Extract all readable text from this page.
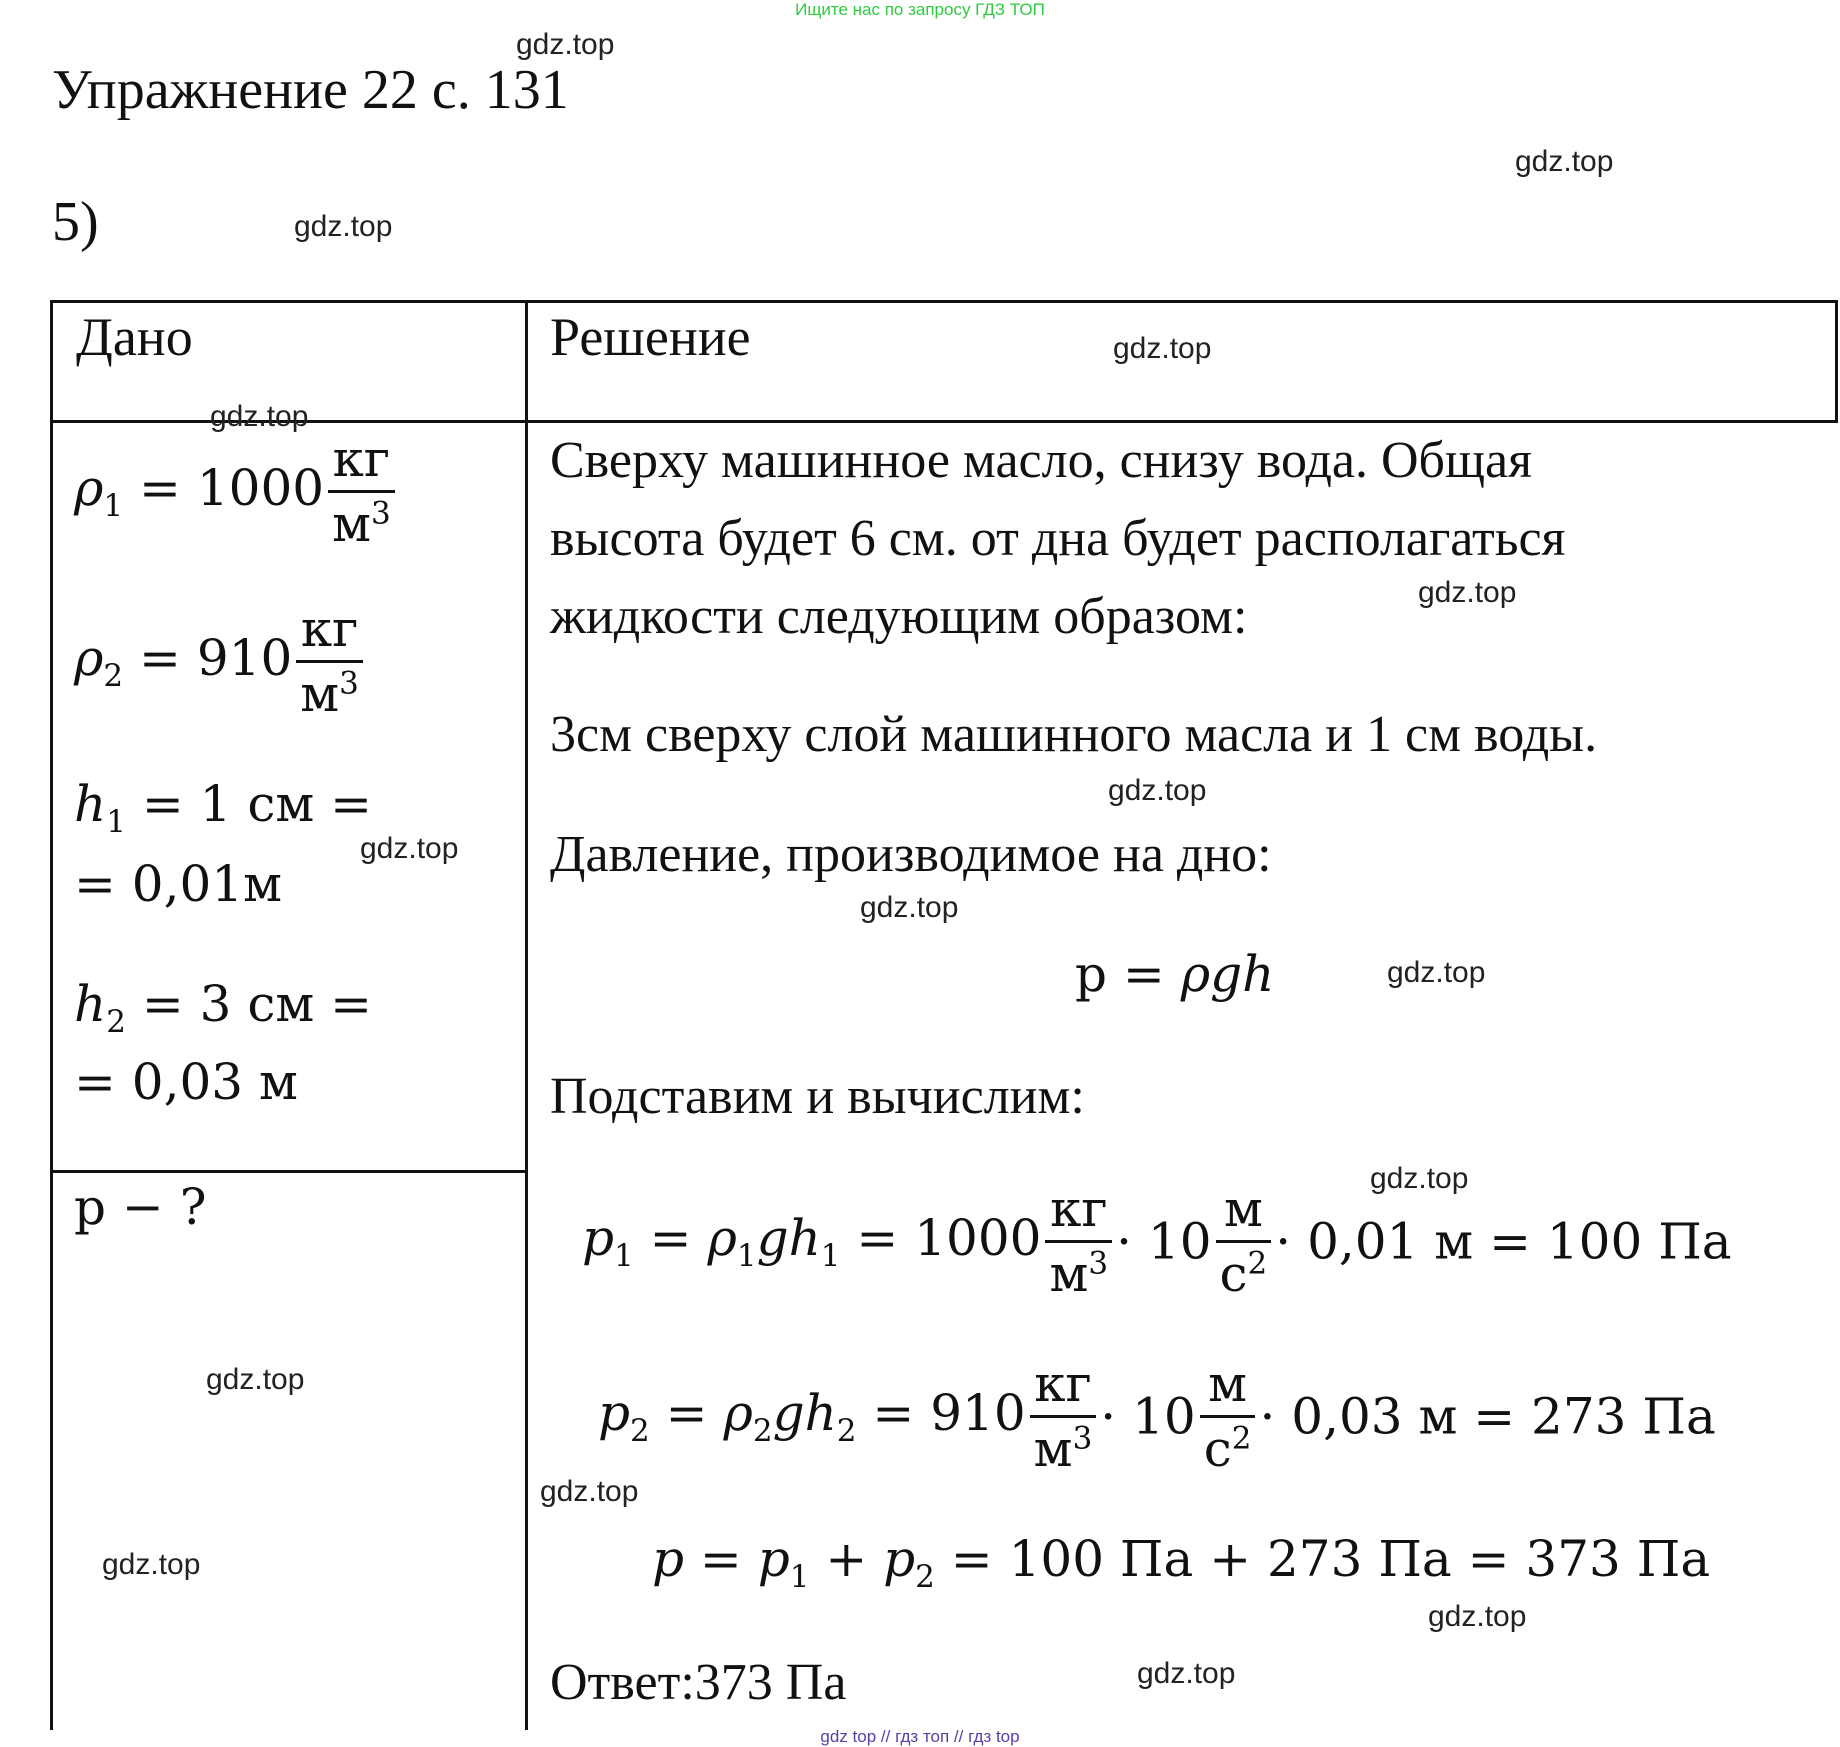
Ищите нас по запросу ГДЗ ТОП
Упражнение 22 с. 131
5)
Дано	Решение
$\rho_1 = 1000 \frac{кг}{м^3}$
$\rho_2 = 910 \frac{кг}{м^3}$
$h_1 = 1$ см =
= 0,01м
$h_2 = 3$ см =
= 0,03 м
p − ?
Сверху машинное масло, снизу вода. Общая
высота будет 6 см. от дна будет располагаться
жидкости следующим образом:
3см сверху слой машинного масла и 1 см воды.
Давление, производимое на дно:
p = ρgh
Подставим и вычислим:
$p_1 = \rho_1gh_1 = 1000 \frac{кг}{м^3} \cdot 10 \frac{м}{с^2} \cdot 0,01$ м = 100 Па
$p_2 = \rho_2gh_2 = 910 \frac{кг}{м^3} \cdot 10 \frac{м}{с^2} \cdot 0,03$ м = 273 Па
$p = p_1 + p_2 = 100$ Па + 273 Па = 373 Па
Ответ:373 Па
gdz.top
gdz.top
gdz.top
gdz.top
gdz.top
gdz.top
gdz.top
gdz.top
gdz.top
gdz.top
gdz.top
gdz.top
gdz.top
gdz.top
gdz.top
gdz.top
gdz top // гдз топ // гдз top
